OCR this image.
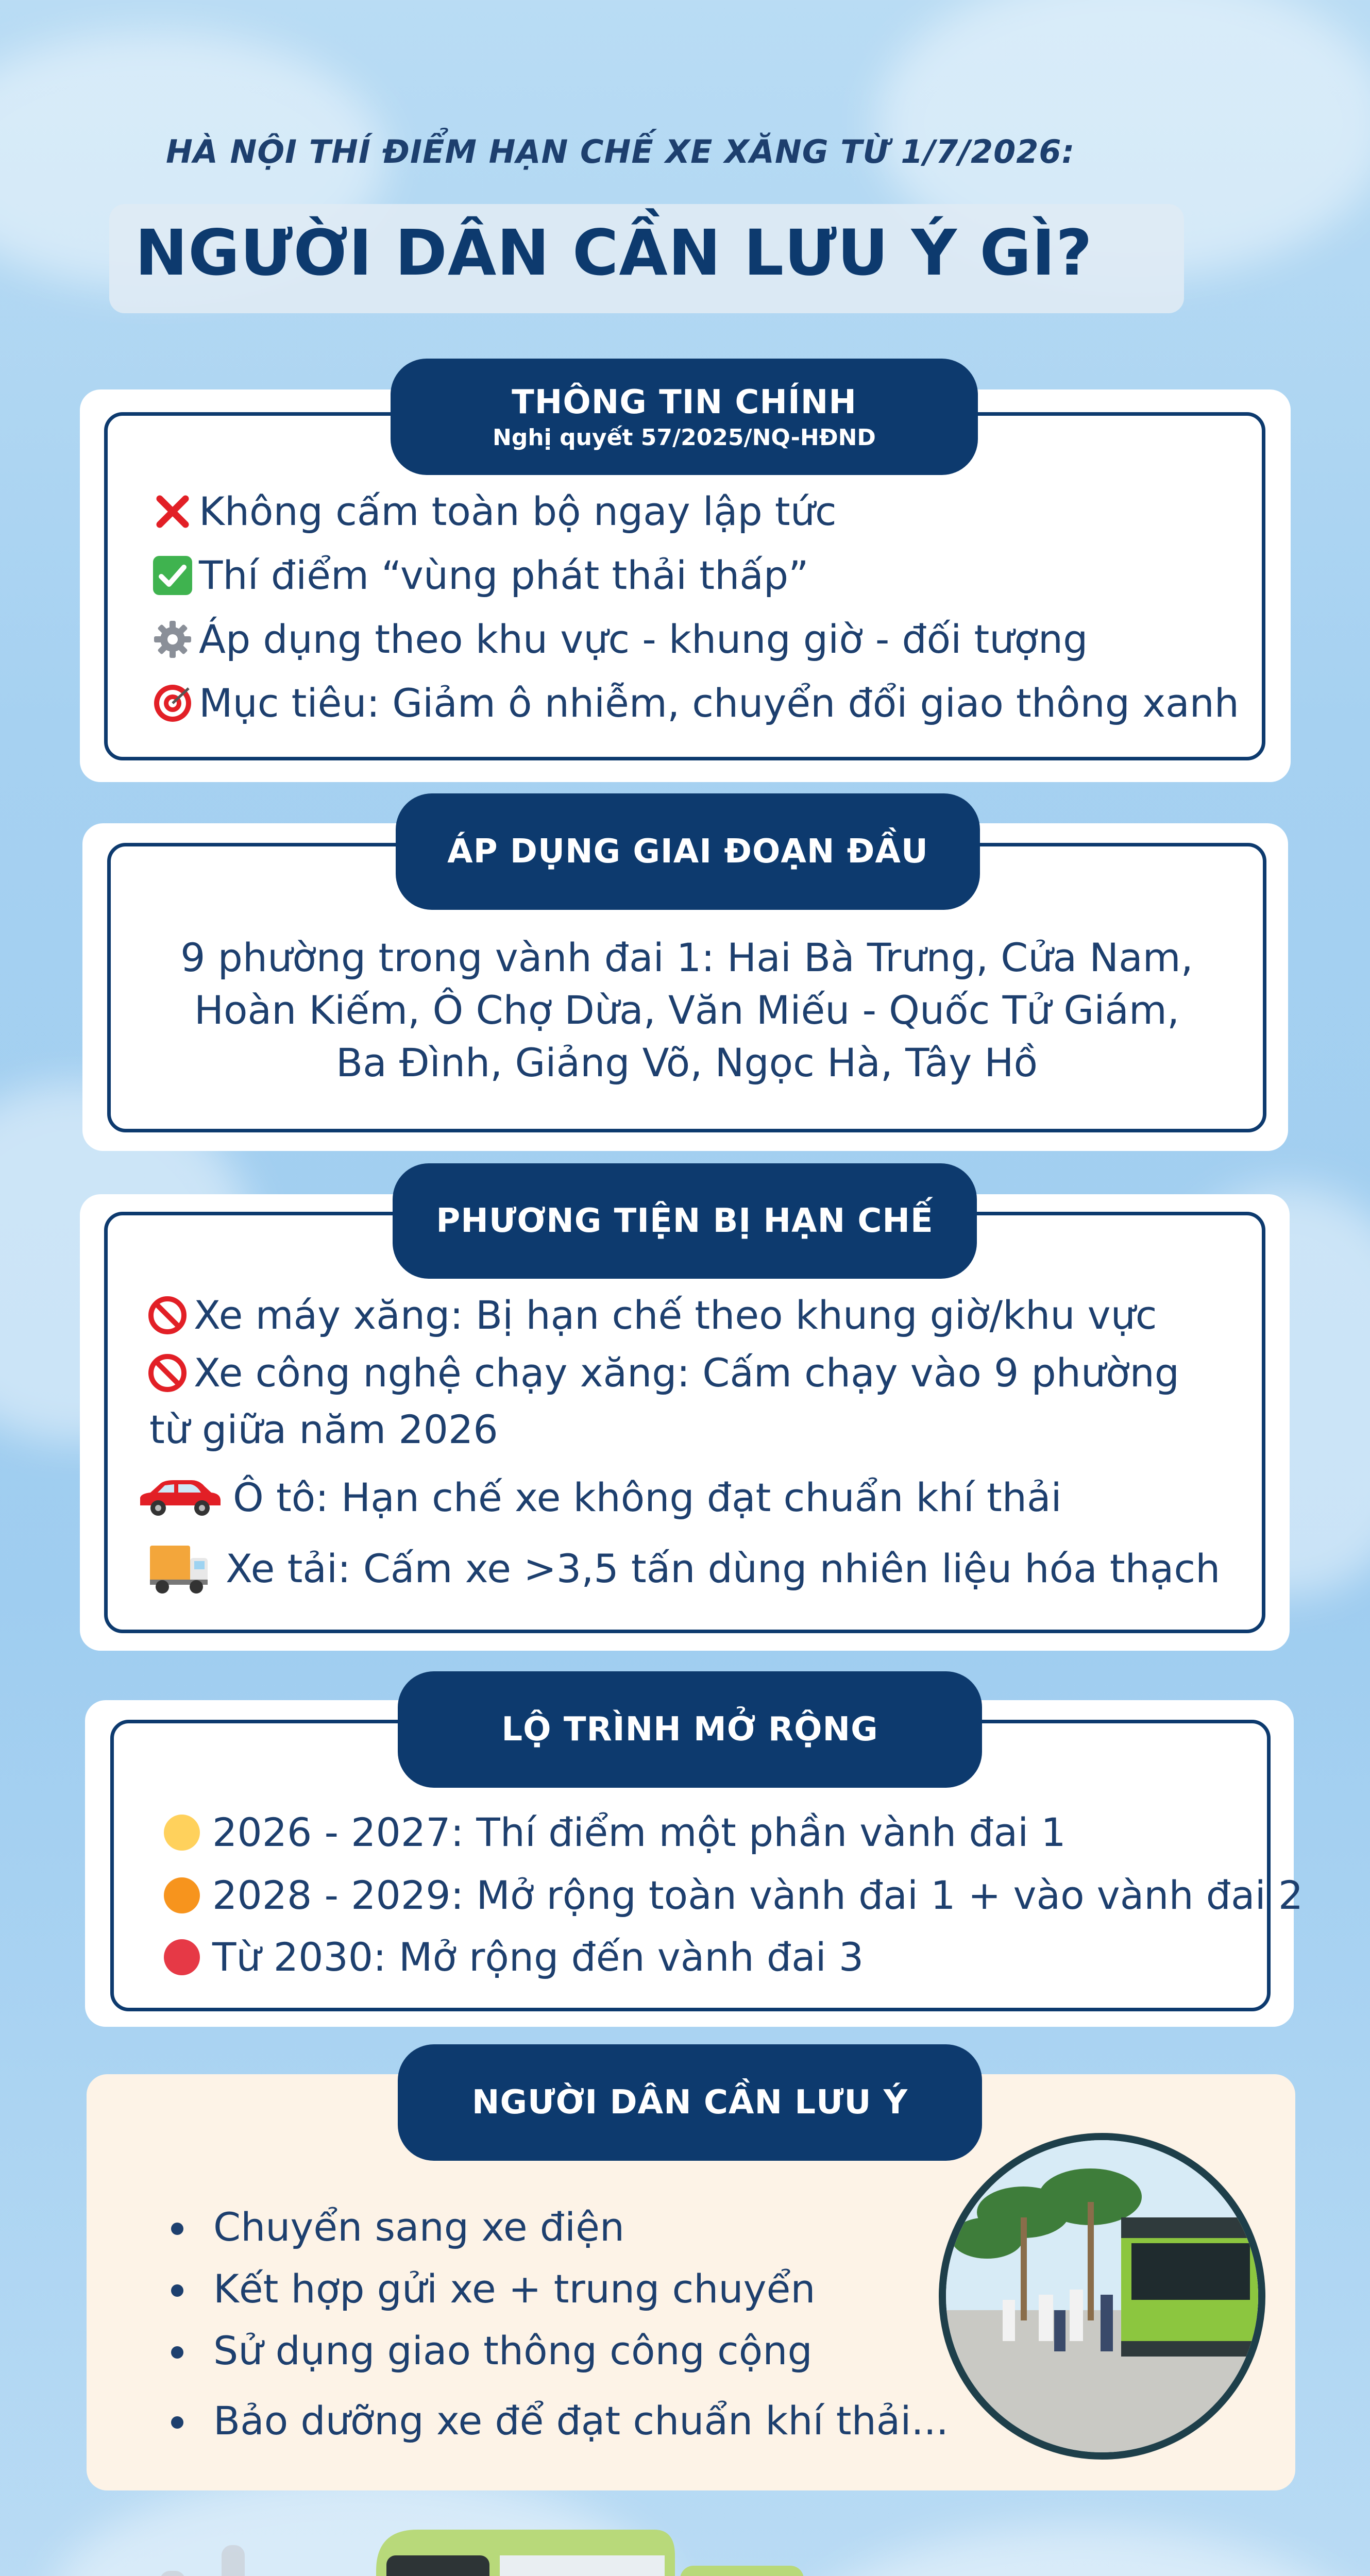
HÀ NỘI THÍ ĐIỂM HẠN CHẾ XE XĂNG TỪ 1/7/2026:
NGƯỜI DÂN CẦN LƯU Ý GÌ?
THÔNG TIN CHÍNH
Nghị quyết 57/2025/NQ-HĐND
Không cấm toàn bộ ngay lập tức
Thí điểm “vùng phát thải thấp”
Áp dụng theo khu vực - khung giờ - đối tượng
Mục tiêu: Giảm ô nhiễm, chuyển đổi giao thông xanh
ÁP DỤNG GIAI ĐOẠN ĐẦU
9 phường trong vành đai 1: Hai Bà Trưng, Cửa Nam,
Hoàn Kiếm, Ô Chợ Dừa, Văn Miếu - Quốc Tử Giám,
Ba Đình, Giảng Võ, Ngọc Hà, Tây Hồ
PHƯƠNG TIỆN BỊ HẠN CHẾ
Xe máy xăng: Bị hạn chế theo khung giờ/khu vực
Xe công nghệ chạy xăng: Cấm chạy vào 9 phường
từ giữa năm 2026
Ô tô: Hạn chế xe không đạt chuẩn khí thải
Xe tải: Cấm xe >3,5 tấn dùng nhiên liệu hóa thạch
LỘ TRÌNH MỞ RỘNG
2026 - 2027: Thí điểm một phần vành đai 1
2028 - 2029: Mở rộng toàn vành đai 1 + vào vành đai 2
Từ 2030: Mở rộng đến vành đai 3
NGƯỜI DÂN CẦN LƯU Ý
Chuyển sang xe điện
Kết hợp gửi xe + trung chuyển
Sử dụng giao thông công cộng
Bảo dưỡng xe để đạt chuẩn khí thải...
